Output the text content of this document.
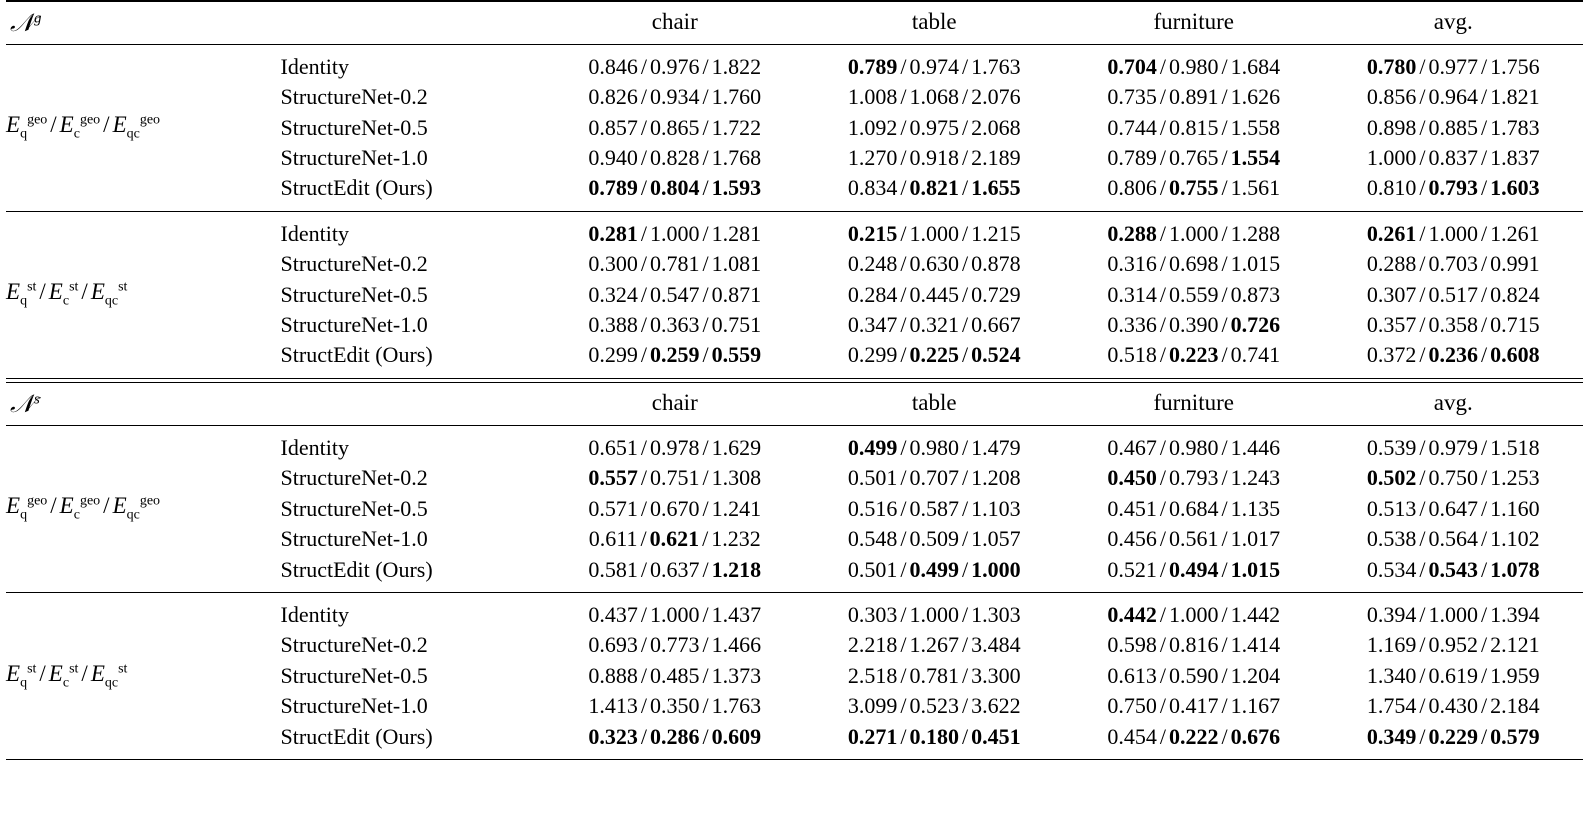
𝒩$^g$		chair	table	furniture	avg.

$E_q^{geo} / E_c^{geo} / E_{qc}^{geo}$	Identity	0.846 / 0.976 / 1.822	0.789 / 0.974 / 1.763	0.704 / 0.980 / 1.684	0.780 / 0.977 / 1.756
	StructureNet-0.2	0.826 / 0.934 / 1.760	1.008 / 1.068 / 2.076	0.735 / 0.891 / 1.626	0.856 / 0.964 / 1.821
	StructureNet-0.5	0.857 / 0.865 / 1.722	1.092 / 0.975 / 2.068	0.744 / 0.815 / 1.558	0.898 / 0.885 / 1.783
	StructureNet-1.0	0.940 / 0.828 / 1.768	1.270 / 0.918 / 2.189	0.789 / 0.765 / 1.554	1.000 / 0.837 / 1.837
	StructEdit (Ours)	0.789 / 0.804 / 1.593	0.834 / 0.821 / 1.655	0.806 / 0.755 / 1.561	0.810 / 0.793 / 1.603

$E_q^{st} / E_c^{st} / E_{qc}^{st}$	Identity	0.281 / 1.000 / 1.281	0.215 / 1.000 / 1.215	0.288 / 1.000 / 1.288	0.261 / 1.000 / 1.261
	StructureNet-0.2	0.300 / 0.781 / 1.081	0.248 / 0.630 / 0.878	0.316 / 0.698 / 1.015	0.288 / 0.703 / 0.991
	StructureNet-0.5	0.324 / 0.547 / 0.871	0.284 / 0.445 / 0.729	0.314 / 0.559 / 0.873	0.307 / 0.517 / 0.824
	StructureNet-1.0	0.388 / 0.363 / 0.751	0.347 / 0.321 / 0.667	0.336 / 0.390 / 0.726	0.357 / 0.358 / 0.715
	StructEdit (Ours)	0.299 / 0.259 / 0.559	0.299 / 0.225 / 0.524	0.518 / 0.223 / 0.741	0.372 / 0.236 / 0.608

𝒩$^s$		chair	table	furniture	avg.

$E_q^{geo} / E_c^{geo} / E_{qc}^{geo}$	Identity	0.651 / 0.978 / 1.629	0.499 / 0.980 / 1.479	0.467 / 0.980 / 1.446	0.539 / 0.979 / 1.518
	StructureNet-0.2	0.557 / 0.751 / 1.308	0.501 / 0.707 / 1.208	0.450 / 0.793 / 1.243	0.502 / 0.750 / 1.253
	StructureNet-0.5	0.571 / 0.670 / 1.241	0.516 / 0.587 / 1.103	0.451 / 0.684 / 1.135	0.513 / 0.647 / 1.160
	StructureNet-1.0	0.611 / 0.621 / 1.232	0.548 / 0.509 / 1.057	0.456 / 0.561 / 1.017	0.538 / 0.564 / 1.102
	StructEdit (Ours)	0.581 / 0.637 / 1.218	0.501 / 0.499 / 1.000	0.521 / 0.494 / 1.015	0.534 / 0.543 / 1.078

$E_q^{st} / E_c^{st} / E_{qc}^{st}$	Identity	0.437 / 1.000 / 1.437	0.303 / 1.000 / 1.303	0.442 / 1.000 / 1.442	0.394 / 1.000 / 1.394
	StructureNet-0.2	0.693 / 0.773 / 1.466	2.218 / 1.267 / 3.484	0.598 / 0.816 / 1.414	1.169 / 0.952 / 2.121
	StructureNet-0.5	0.888 / 0.485 / 1.373	2.518 / 0.781 / 3.300	0.613 / 0.590 / 1.204	1.340 / 0.619 / 1.959
	StructureNet-1.0	1.413 / 0.350 / 1.763	3.099 / 0.523 / 3.622	0.750 / 0.417 / 1.167	1.754 / 0.430 / 2.184
	StructEdit (Ours)	0.323 / 0.286 / 0.609	0.271 / 0.180 / 0.451	0.454 / 0.222 / 0.676	0.349 / 0.229 / 0.579
